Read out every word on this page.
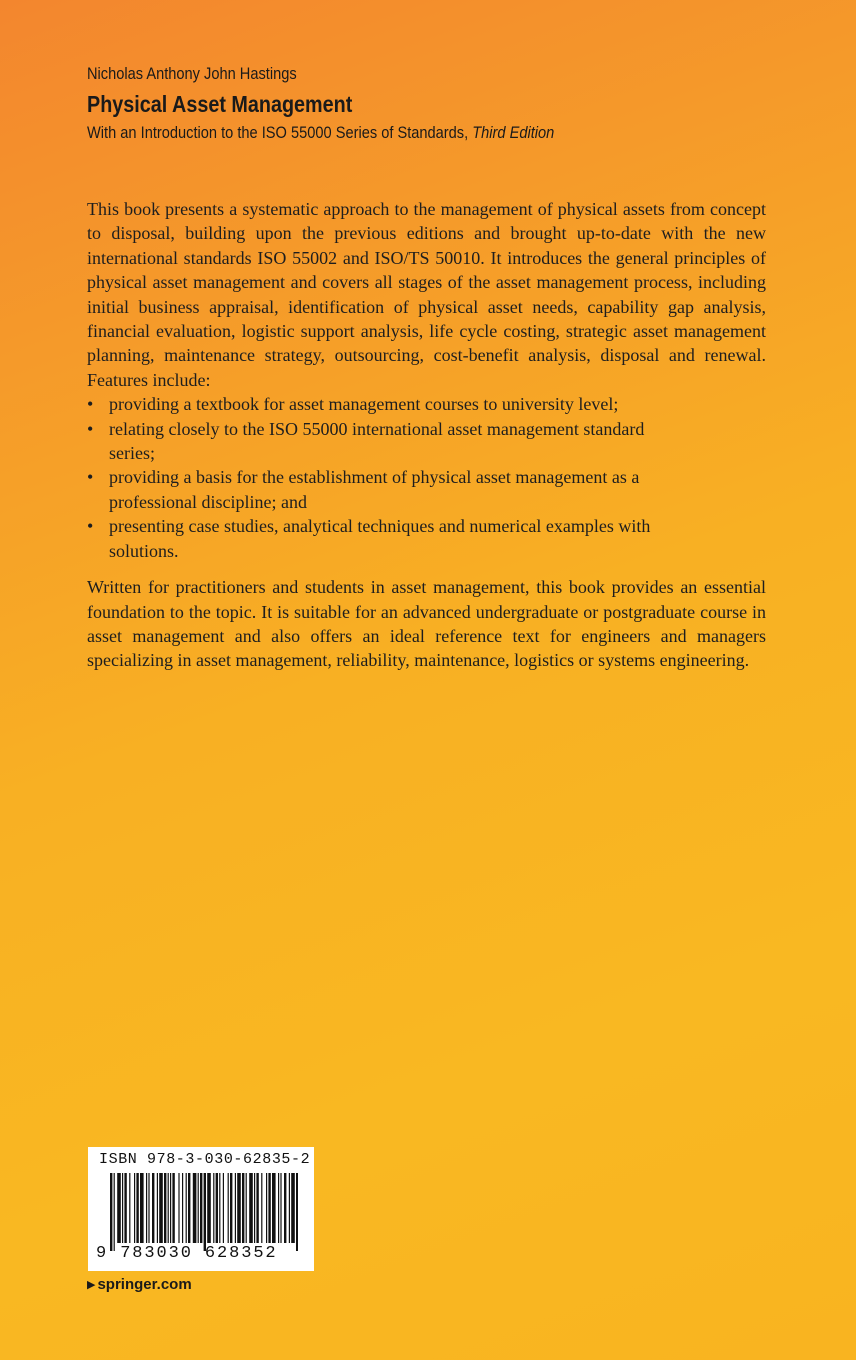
Nicholas Anthony John Hastings
Physical Asset Management
With an Introduction to the ISO 55000 Series of Standards, Third Edition

This book presents a systematic approach to the management of physical assets from concept to disposal, building upon the previous editions and brought up-to-date with the new international standards ISO 55002 and ISO/TS 50010. It introduces the general principles of physical asset management and covers all stages of the asset management process, including initial business appraisal, identification of physical asset needs, capability gap analysis, financial evaluation, logistic support analysis, life cycle costing, strategic asset management planning, maintenance strategy, outsourcing, cost-benefit analysis, disposal and renewal. Features include:

• providing a textbook for asset management courses to university level;
• relating closely to the ISO 55000 international asset management standard series;
• providing a basis for the establishment of physical asset management as a professional discipline; and
• presenting case studies, analytical techniques and numerical examples with solutions.

Written for practitioners and students in asset management, this book provides an essential foundation to the topic. It is suitable for an advanced undergraduate or postgraduate course in asset management and also offers an ideal reference text for engineers and managers specializing in asset management, reliability, maintenance, logistics or systems engineering.

ISBN 978-3-030-62835-2
9 783030 628352
▶ springer.com
